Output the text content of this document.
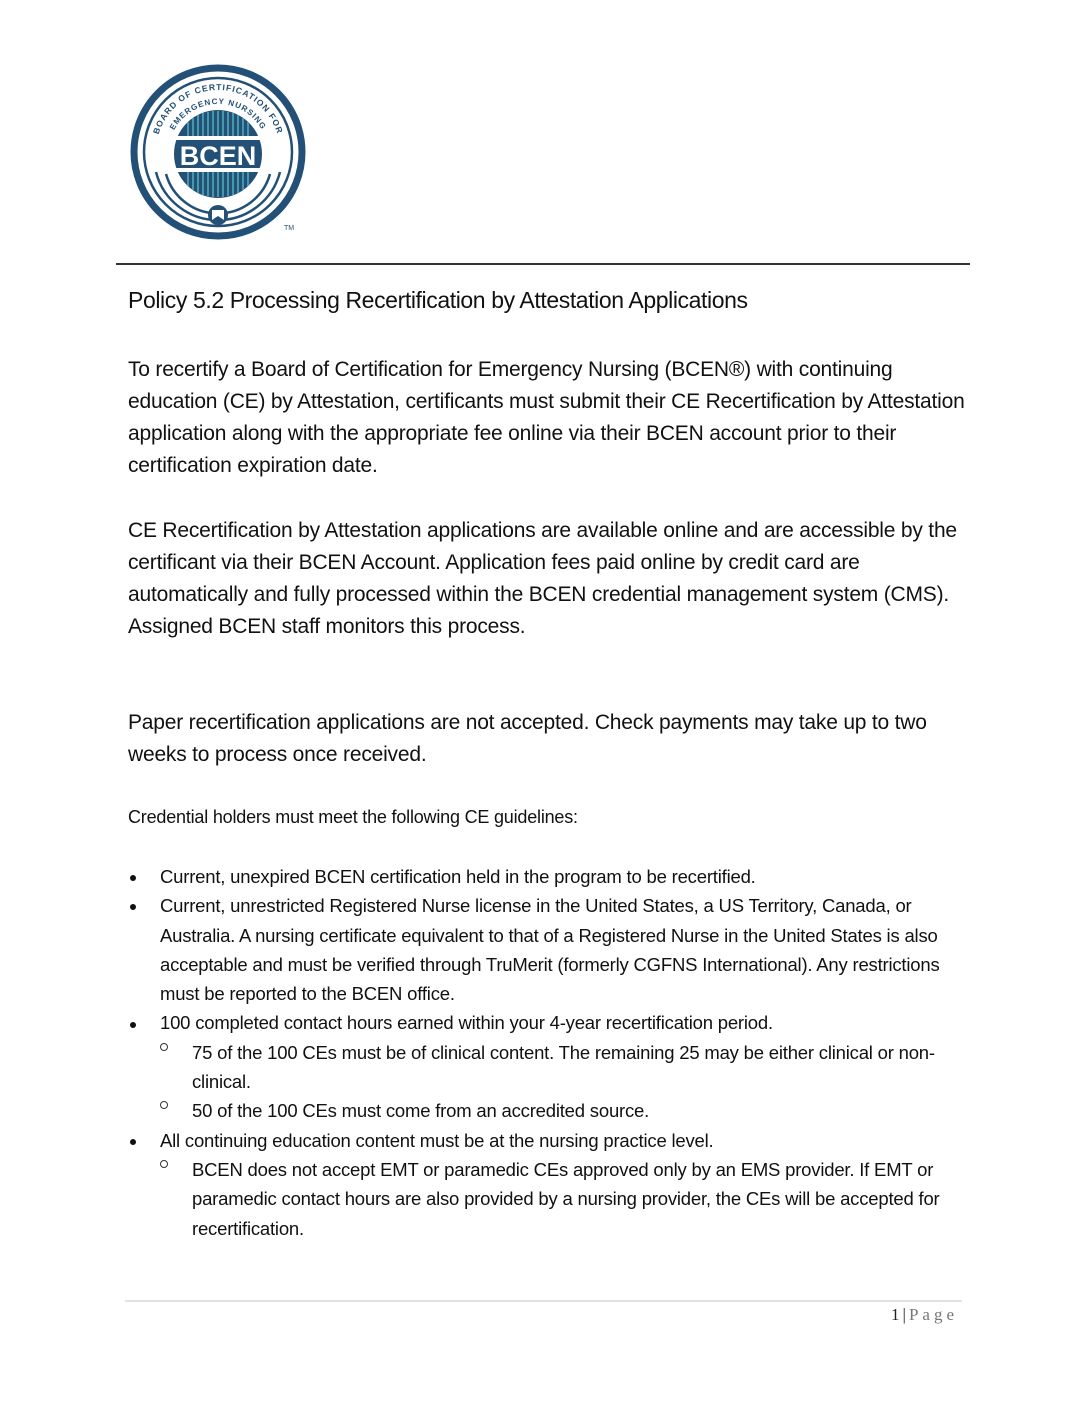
BOARD OF CERTIFICATION FOR
EMERGENCY NURSING
BCEN
TM
Policy 5.2 Processing Recertification by Attestation Applications

To recertify a Board of Certification for Emergency Nursing (BCEN®) with continuing education (CE) by Attestation, certificants must submit their CE Recertification by Attestation application along with the appropriate fee online via their BCEN account prior to their certification expiration date.

CE Recertification by Attestation applications are available online and are accessible by the certificant via their BCEN Account. Application fees paid online by credit card are automatically and fully processed within the BCEN credential management system (CMS). Assigned BCEN staff monitors this process.

Paper recertification applications are not accepted. Check payments may take up to two weeks to process once received.

Credential holders must meet the following CE guidelines:

Current, unexpired BCEN certification held in the program to be recertified.
Current, unrestricted Registered Nurse license in the United States, a US Territory, Canada, or Australia. A nursing certificate equivalent to that of a Registered Nurse in the United States is also acceptable and must be verified through TruMerit (formerly CGFNS International). Any restrictions must be reported to the BCEN office.
100 completed contact hours earned within your 4-year recertification period.
75 of the 100 CEs must be of clinical content. The remaining 25 may be either clinical or non-clinical.
50 of the 100 CEs must come from an accredited source.
All continuing education content must be at the nursing practice level.
BCEN does not accept EMT or paramedic CEs approved only by an EMS provider. If EMT or paramedic contact hours are also provided by a nursing provider, the CEs will be accepted for recertification.
1 | Page
